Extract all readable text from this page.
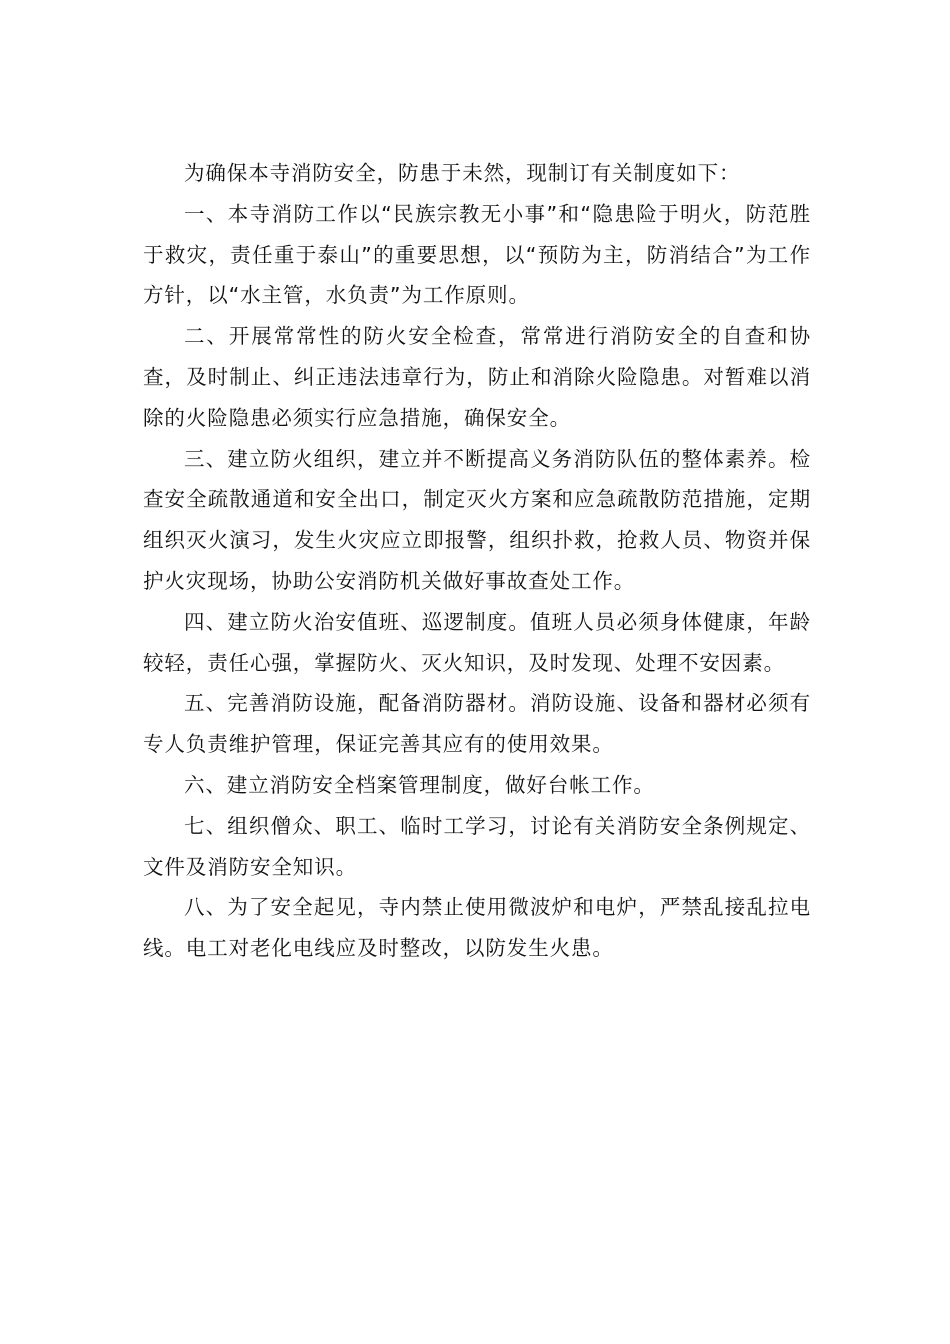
为确保本寺消防安全，防患于未然，现制订有关制度如下：

一、本寺消防工作以“民族宗教无小事”和“隐患险于明火，防范胜于救灾，责任重于泰山”的重要思想，以“预防为主，防消结合”为工作方针，以“水主管，水负责”为工作原则。

二、开展常常性的防火安全检查，常常进行消防安全的自查和协查，及时制止、纠正违法违章行为，防止和消除火险隐患。对暂难以消除的火险隐患必须实行应急措施，确保安全。

三、建立防火组织，建立并不断提高义务消防队伍的整体素养。检查安全疏散通道和安全出口，制定灭火方案和应急疏散防范措施，定期组织灭火演习，发生火灾应立即报警，组织扑救，抢救人员、物资并保护火灾现场，协助公安消防机关做好事故查处工作。

四、建立防火治安值班、巡逻制度。值班人员必须身体健康，年龄较轻，责任心强，掌握防火、灭火知识，及时发现、处理不安因素。

五、完善消防设施，配备消防器材。消防设施、设备和器材必须有专人负责维护管理，保证完善其应有的使用效果。

六、建立消防安全档案管理制度，做好台帐工作。

七、组织僧众、职工、临时工学习，讨论有关消防安全条例规定、文件及消防安全知识。

八、为了安全起见，寺内禁止使用微波炉和电炉，严禁乱接乱拉电线。电工对老化电线应及时整改，以防发生火患。
